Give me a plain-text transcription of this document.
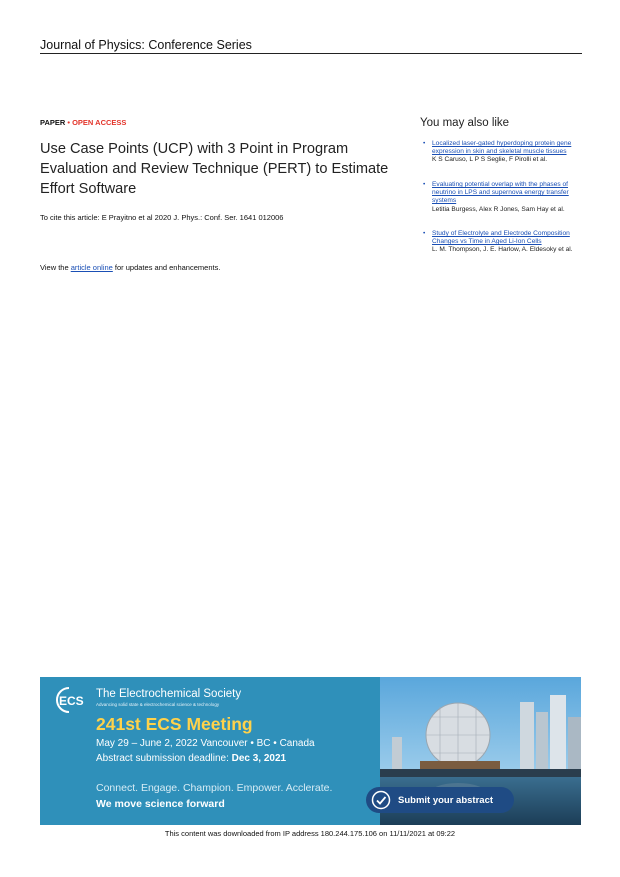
Journal of Physics: Conference Series
PAPER • OPEN ACCESS
Use Case Points (UCP) with 3 Point in Program Evaluation and Review Technique (PERT) to Estimate Effort Software
To cite this article: E Prayitno et al 2020 J. Phys.: Conf. Ser. 1641 012006
View the article online for updates and enhancements.
You may also like
• Localized laser-gated hyperdoping protein gene expression in skin and skeletal muscle tissues
K S Caruso, L P S Seglie, F Pirolli et al.
• Evaluating potential overlap with the phases of neutrino in LPS and supernova energy transfer systems
Letitia Burgess, Alex R Jones, Sam Hay et al.
• Study of Electrolyte and Electrode Composition Changes vs Time in Aged Li-Ion Cells
L. M. Thompson, J. E. Harlow, A. Eldesoky et al.
ECS The Electrochemical Society
Advancing solid state & electrochemical science & technology
241st ECS Meeting
May 29 – June 2, 2022 Vancouver • BC • Canada
Abstract submission deadline: Dec 3, 2021
Connect. Engage. Champion. Empower. Acclerate.
We move science forward	Submit your abstract
This content was downloaded from IP address 180.244.175.106 on 11/11/2021 at 09:22
